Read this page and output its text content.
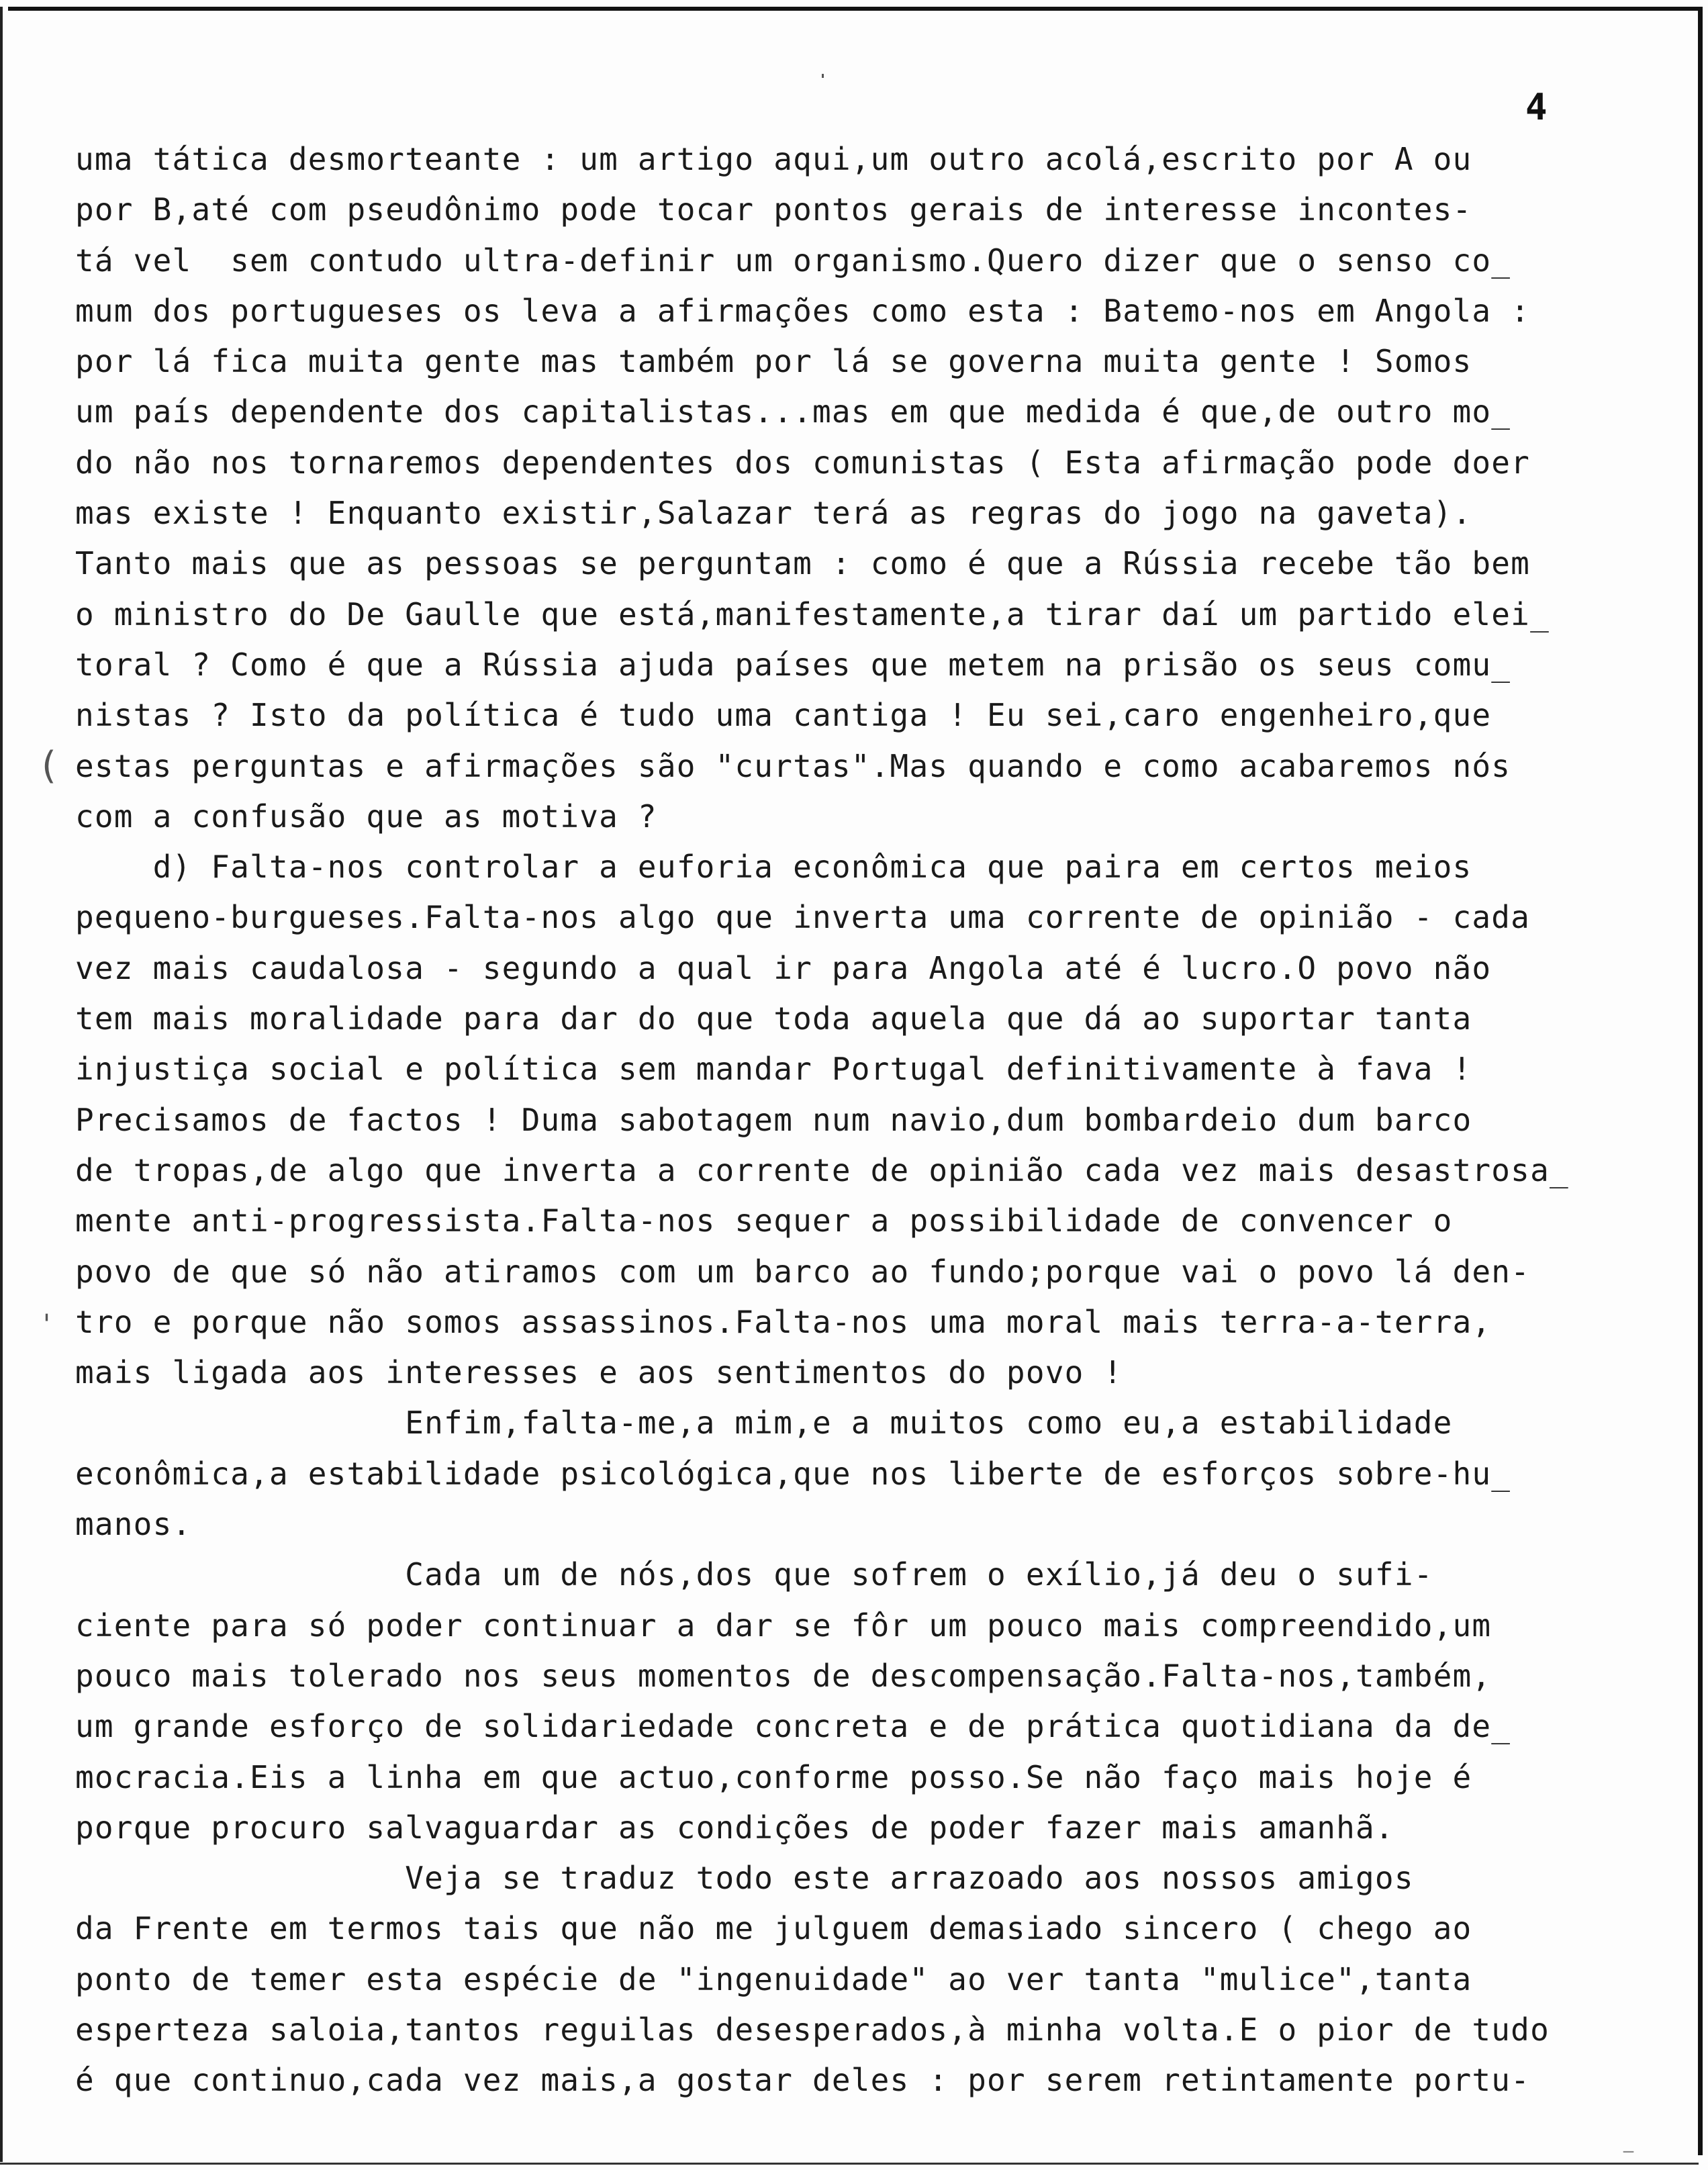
4
(
'
_
uma tática desmorteante : um artigo aqui,um outro acolá,escrito por A ou
por B,até com pseudônimo pode tocar pontos gerais de interesse incontes-
tá vel  sem contudo ultra-definir um organismo.Quero dizer que o senso co_
mum dos portugueses os leva a afirmações como esta : Batemo-nos em Angola :
por lá fica muita gente mas também por lá se governa muita gente ! Somos
um país dependente dos capitalistas...mas em que medida é que,de outro mo_
do não nos tornaremos dependentes dos comunistas ( Esta afirmação pode doer
mas existe ! Enquanto existir,Salazar terá as regras do jogo na gaveta).
Tanto mais que as pessoas se perguntam : como é que a Rússia recebe tão bem
o ministro do De Gaulle que está,manifestamente,a tirar daí um partido elei_
toral ? Como é que a Rússia ajuda países que metem na prisão os seus comu_
nistas ? Isto da política é tudo uma cantiga ! Eu sei,caro engenheiro,que
estas perguntas e afirmações são "curtas".Mas quando e como acabaremos nós
com a confusão que as motiva ?
d) Falta-nos controlar a euforia econômica que paira em certos meios
pequeno-burgueses.Falta-nos algo que inverta uma corrente de opinião - cada
vez mais caudalosa - segundo a qual ir para Angola até é lucro.O povo não
tem mais moralidade para dar do que toda aquela que dá ao suportar tanta
injustiça social e política sem mandar Portugal definitivamente à fava !
Precisamos de factos ! Duma sabotagem num navio,dum bombardeio dum barco
de tropas,de algo que inverta a corrente de opinião cada vez mais desastrosa_
mente anti-progressista.Falta-nos sequer a possibilidade de convencer o
povo de que só não atiramos com um barco ao fundo;porque vai o povo lá den-
tro e porque não somos assassinos.Falta-nos uma moral mais terra-a-terra,
mais ligada aos interesses e aos sentimentos do povo !
Enfim,falta-me,a mim,e a muitos como eu,a estabilidade
econômica,a estabilidade psicológica,que nos liberte de esforços sobre-hu_
manos.
Cada um de nós,dos que sofrem o exílio,já deu o sufi-
ciente para só poder continuar a dar se fôr um pouco mais compreendido,um
pouco mais tolerado nos seus momentos de descompensação.Falta-nos,também,
um grande esforço de solidariedade concreta e de prática quotidiana da de_
mocracia.Eis a linha em que actuo,conforme posso.Se não faço mais hoje é
porque procuro salvaguardar as condições de poder fazer mais amanhã.
Veja se traduz todo este arrazoado aos nossos amigos
da Frente em termos tais que não me julguem demasiado sincero ( chego ao
ponto de temer esta espécie de "ingenuidade" ao ver tanta "mulice",tanta
esperteza saloia,tantos reguilas desesperados,à minha volta.E o pior de tudo
é que continuo,cada vez mais,a gostar deles : por serem retintamente portu-
